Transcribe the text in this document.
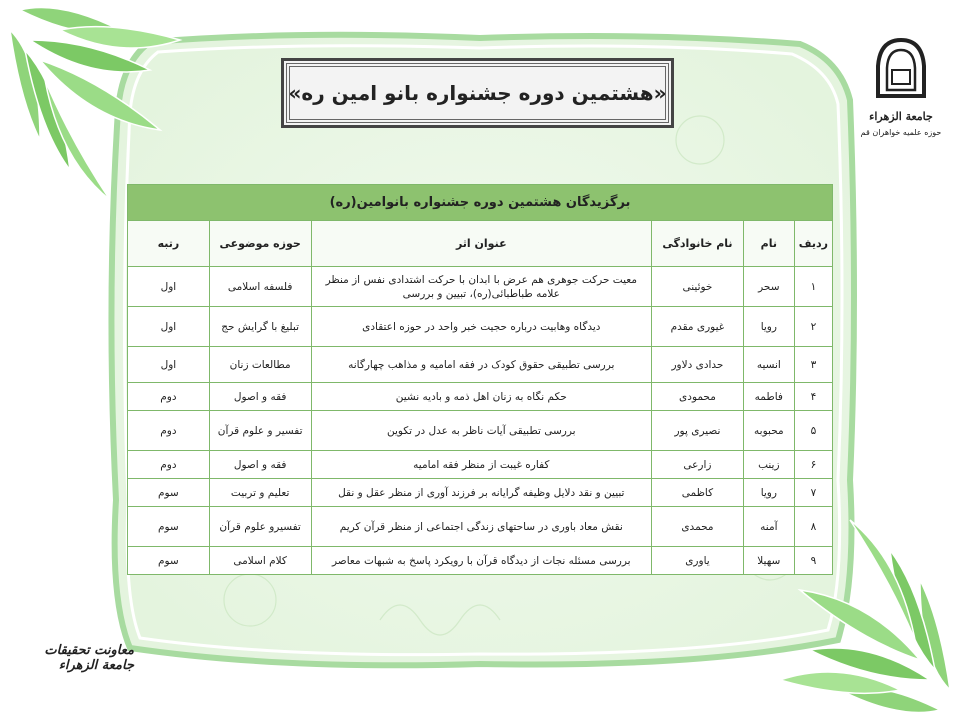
«هشتمین دوره جشنواره بانو امین ره»
جامعة الزهراء
حوزه علمیه خواهران قم
معاونت تحقیقات جامعة الزهراء
برگزیدگان هشتمین دوره جشنواره بانوامین(ره)					
ردیف	نام	نام خانوادگی	عنوان اثر	حوزه موضوعی	رتبه
۱	سحر	خوئینی	معیت حرکت جوهری هم عرض با ابدان با حرکت اشتدادی نفس از منظر علامه طباطبائی(ره)، تبیین و بررسی	فلسفه اسلامی	اول
۲	رویا	غیوری مقدم	دیدگاه وهابیت درباره حجیت خبر واحد در حوزه اعتقادی	تبلیغ با گرایش حج	اول
۳	انسیه	حدادی دلاور	بررسی تطبیقی حقوق کودک در فقه امامیه و مذاهب چهارگانه	مطالعات زنان	اول
۴	فاطمه	محمودی	حکم نگاه به زنان اهل ذمه و بادیه نشین	فقه و اصول	دوم
۵	محبوبه	نصیری پور	بررسی تطبیقی آیات ناظر به عدل در تکوین	تفسیر و علوم قرآن	دوم
۶	زینب	زارعی	کفاره غیبت از منظر فقه امامیه	فقه و اصول	دوم
۷	رویا	کاظمی	تبیین و نقد دلایل وظیفه گرایانه بر فرزند آوری از منظر عقل و نقل	تعلیم و تربیت	سوم
۸	آمنه	محمدی	نقش معاد باوری در ساحتهای زندگی اجتماعی از منظر قرآن کریم	تفسیرو علوم قرآن	سوم
۹	سهیلا	یاوری	بررسی مسئله نجات از دیدگاه قرآن با رویکرد پاسخ به شبهات معاصر	کلام اسلامی	سوم
